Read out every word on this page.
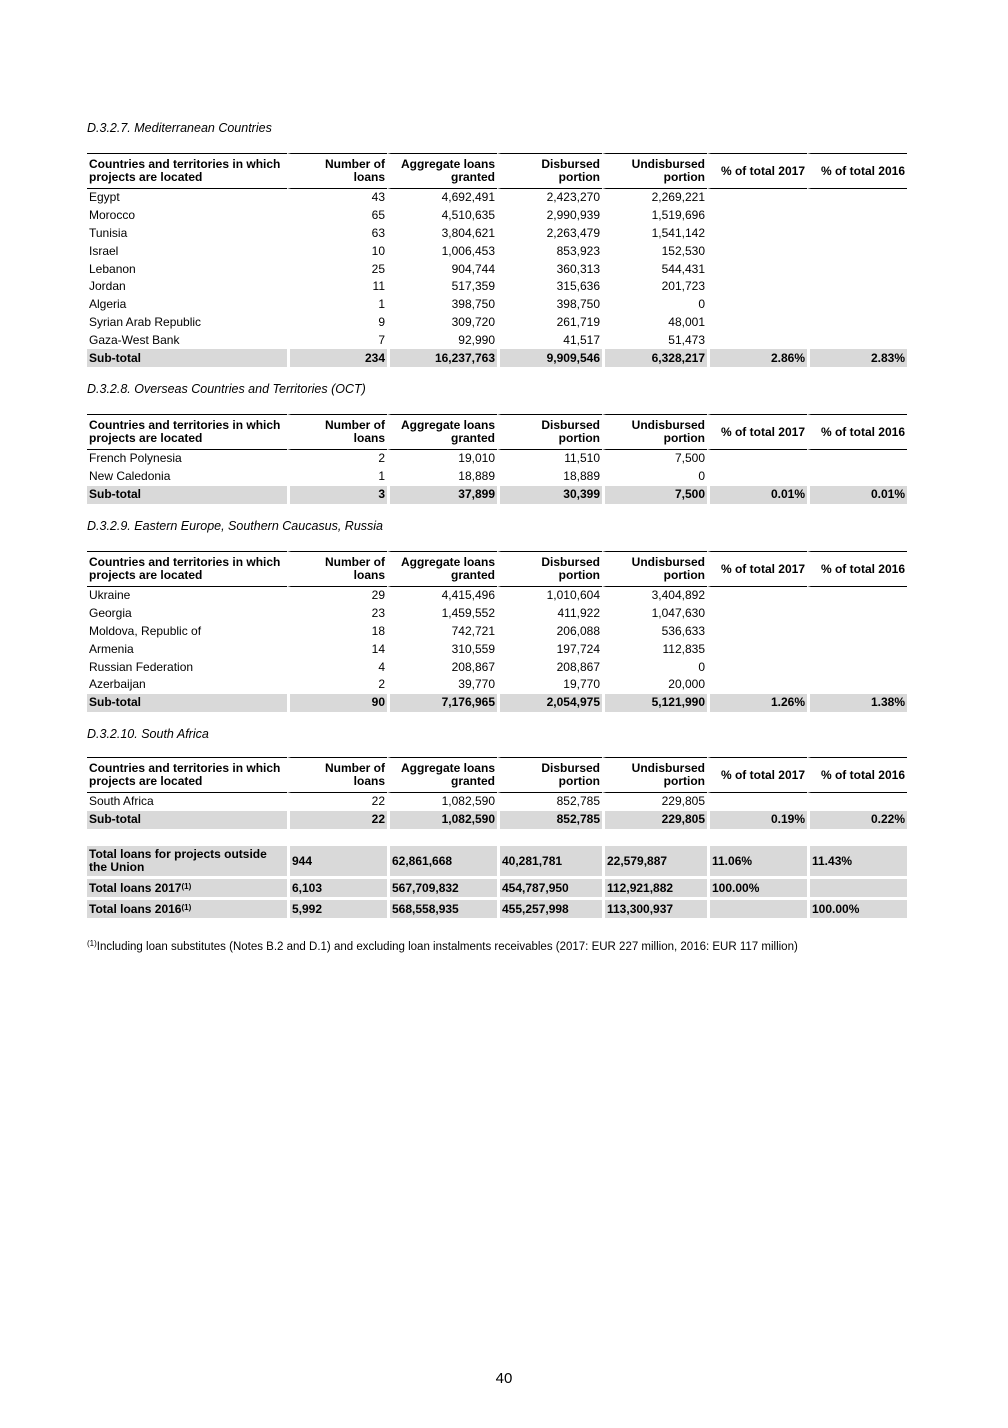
D.3.2.7. Mediterranean Countries
Countries and territories in which projects are located	Number of loans	Aggregate loans granted	Disbursed portion	Undisbursed portion	% of total 2017	% of total 2016
Egypt	43	4,692,491	2,423,270	2,269,221		
Morocco	65	4,510,635	2,990,939	1,519,696		
Tunisia	63	3,804,621	2,263,479	1,541,142		
Israel	10	1,006,453	853,923	152,530		
Lebanon	25	904,744	360,313	544,431		
Jordan	11	517,359	315,636	201,723		
Algeria	1	398,750	398,750	0		
Syrian Arab Republic	9	309,720	261,719	48,001		
Gaza-West Bank	7	92,990	41,517	51,473		
Sub-total	234	16,237,763	9,909,546	6,328,217	2.86%	2.83%
D.3.2.8. Overseas Countries and Territories (OCT)
Countries and territories in which projects are located	Number of loans	Aggregate loans granted	Disbursed portion	Undisbursed portion	% of total 2017	% of total 2016
French Polynesia	2	19,010	11,510	7,500		
New Caledonia	1	18,889	18,889	0		
Sub-total	3	37,899	30,399	7,500	0.01%	0.01%
D.3.2.9. Eastern Europe, Southern Caucasus, Russia
Countries and territories in which projects are located	Number of loans	Aggregate loans granted	Disbursed portion	Undisbursed portion	% of total 2017	% of total 2016
Ukraine	29	4,415,496	1,010,604	3,404,892		
Georgia	23	1,459,552	411,922	1,047,630		
Moldova, Republic of	18	742,721	206,088	536,633		
Armenia	14	310,559	197,724	112,835		
Russian Federation	4	208,867	208,867	0		
Azerbaijan	2	39,770	19,770	20,000		
Sub-total	90	7,176,965	2,054,975	5,121,990	1.26%	1.38%
D.3.2.10. South Africa
Countries and territories in which projects are located	Number of loans	Aggregate loans granted	Disbursed portion	Undisbursed portion	% of total 2017	% of total 2016
South Africa	22	1,082,590	852,785	229,805		
Sub-total	22	1,082,590	852,785	229,805	0.19%	0.22%
Total loans for projects outside the Union	944	62,861,668	40,281,781	22,579,887	11.06%	11.43%
Total loans 2017$^{(1)}$	6,103	567,709,832	454,787,950	112,921,882	100.00%	
Total loans 2016$^{(1)}$	5,992	568,558,935	455,257,998	113,300,937		100.00%
$^{(1)}$Including loan substitutes (Notes B.2 and D.1) and excluding loan instalments receivables (2017: EUR 227 million, 2016: EUR 117 million)
40
